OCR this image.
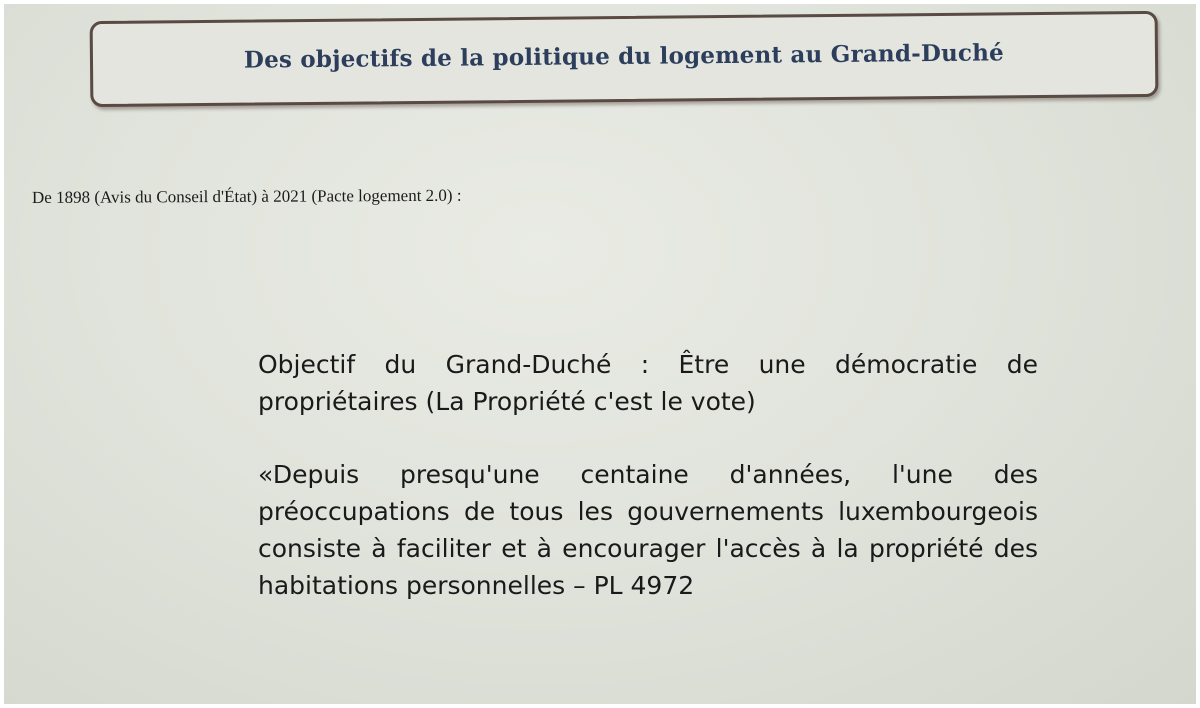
Des objectifs de la politique du logement au Grand-Duché
De 1898 (Avis du Conseil d'État) à 2021 (Pacte logement 2.0) :
Objectif du Grand-Duché : Être une démocratie de propriétaires (La Propriété c'est le vote)
«Depuis presqu'une centaine d'années, l'une des préoccupations de tous les gouvernements luxembourgeois consiste à faciliter et à encourager l'accès à la propriété des habitations personnelles – PL 4972
